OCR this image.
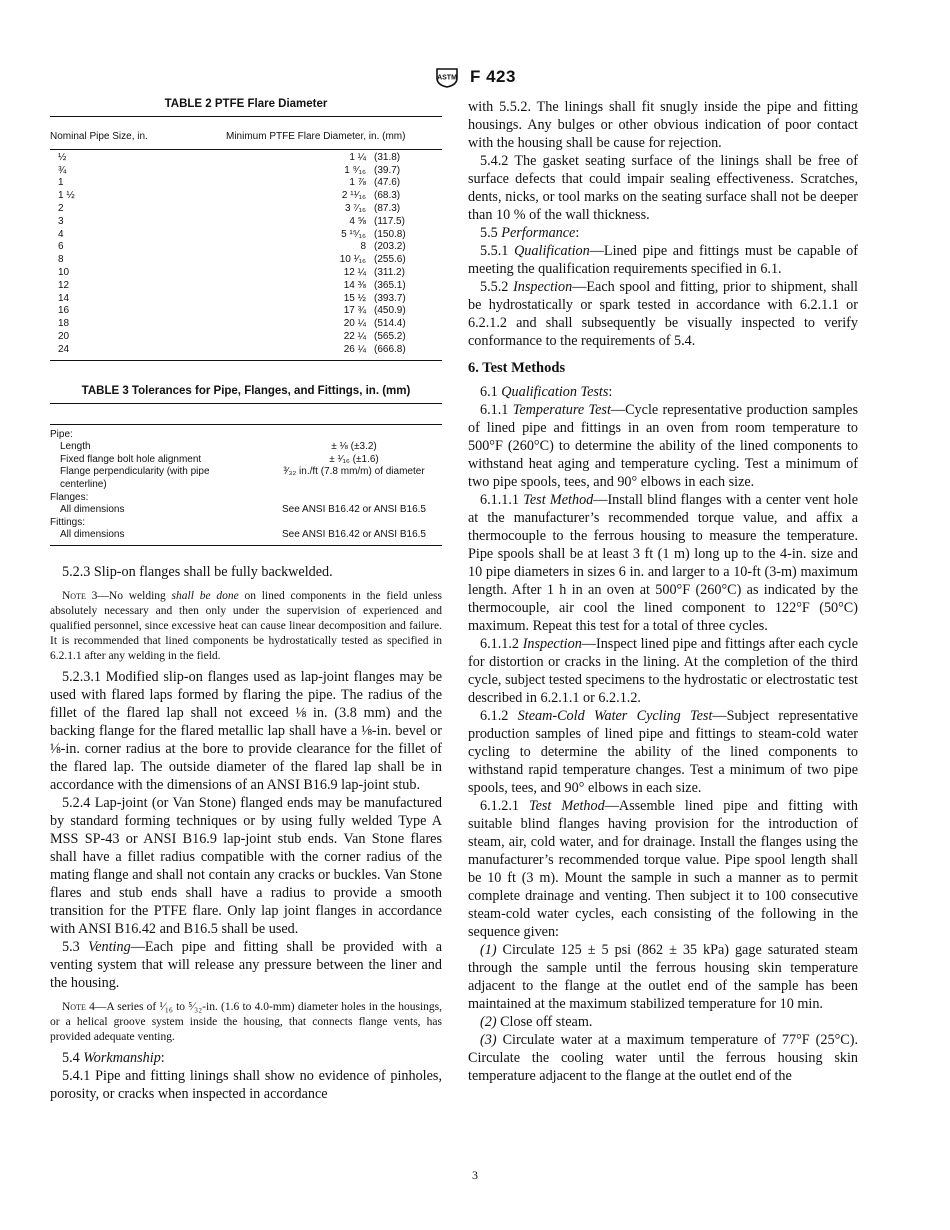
ASTM F 423
TABLE 2 PTFE Flare Diameter
Nominal Pipe Size, in.	Minimum PTFE Flare Diameter, in. (mm)
½	1 ¼	(31.8)
¾	1 ⁹⁄₁₆	(39.7)
1	1 ⅞	(47.6)
1 ½	2 ¹¹⁄₁₆	(68.3)
2	3 ⁷⁄₁₆	(87.3)
3	4 ⅝	(117.5)
4	5 ¹⁵⁄₁₆	(150.8)
6	8	(203.2)
8	10 ¹⁄₁₆	(255.6)
10	12 ¼	(311.2)
12	14 ⅜	(365.1)
14	15 ½	(393.7)
16	17 ¾	(450.9)
18	20 ¼	(514.4)
20	22 ¼	(565.2)
24	26 ¼	(666.8)
TABLE 3 Tolerances for Pipe, Flanges, and Fittings, in. (mm)
Pipe:	
Length	± ⅛ (±3.2)
Fixed flange bolt hole alignment	± ¹⁄₁₆ (±1.6)
Flange perpendicularity (with pipe centerline)	³⁄₃₂ in./ft (7.8 mm/m) of diameter
Flanges:	
All dimensions	See ANSI B16.42 or ANSI B16.5
Fittings:	
All dimensions	See ANSI B16.42 or ANSI B16.5

5.2.3 Slip-on flanges shall be fully backwelded.

Note 3—No welding shall be done on lined components in the field unless absolutely necessary and then only under the supervision of experienced and qualified personnel, since excessive heat can cause linear decomposition and failure. It is recommended that lined components be hydrostatically tested as specified in 6.2.1.1 after any welding in the field.

5.2.3.1 Modified slip-on flanges used as lap-joint flanges may be used with flared laps formed by flaring the pipe. The radius of the fillet of the flared lap shall not exceed ⅛ in. (3.8 mm) and the backing flange for the flared metallic lap shall have a ⅛-in. bevel or ⅛-in. corner radius at the bore to provide clearance for the fillet of the flared lap. The outside diameter of the flared lap shall be in accordance with the dimensions of an ANSI B16.9 lap-joint stub.

5.2.4 Lap-joint (or Van Stone) flanged ends may be manufactured by standard forming techniques or by using fully welded Type A MSS SP-43 or ANSI B16.9 lap-joint stub ends. Van Stone flares shall have a fillet radius compatible with the corner radius of the mating flange and shall not contain any cracks or buckles. Van Stone flares and stub ends shall have a radius to provide a smooth transition for the PTFE flare. Only lap joint flanges in accordance with ANSI B16.42 and B16.5 shall be used.

5.3 Venting—Each pipe and fitting shall be provided with a venting system that will release any pressure between the liner and the housing.

Note 4—A series of ¹⁄₁₆ to ⁵⁄₃₂-in. (1.6 to 4.0-mm) diameter holes in the housings, or a helical groove system inside the housing, that connects flange vents, has provided adequate venting.

5.4 Workmanship:

5.4.1 Pipe and fitting linings shall show no evidence of pinholes, porosity, or cracks when inspected in accordance

with 5.5.2. The linings shall fit snugly inside the pipe and fitting housings. Any bulges or other obvious indication of poor contact with the housing shall be cause for rejection.

5.4.2 The gasket seating surface of the linings shall be free of surface defects that could impair sealing effectiveness. Scratches, dents, nicks, or tool marks on the seating surface shall not be deeper than 10 % of the wall thickness.

5.5 Performance:

5.5.1 Qualification—Lined pipe and fittings must be capable of meeting the qualification requirements specified in 6.1.

5.5.2 Inspection—Each spool and fitting, prior to shipment, shall be hydrostatically or spark tested in accordance with 6.2.1.1 or 6.2.1.2 and shall subsequently be visually inspected to verify conformance to the requirements of 5.4.

6. Test Methods

6.1 Qualification Tests:

6.1.1 Temperature Test—Cycle representative production samples of lined pipe and fittings in an oven from room temperature to 500°F (260°C) to determine the ability of the lined components to withstand heat aging and temperature cycling. Test a minimum of two pipe spools, tees, and 90° elbows in each size.

6.1.1.1 Test Method—Install blind flanges with a center vent hole at the manufacturer’s recommended torque value, and affix a thermocouple to the ferrous housing to measure the temperature. Pipe spools shall be at least 3 ft (1 m) long up to the 4-in. size and 10 pipe diameters in sizes 6 in. and larger to a 10-ft (3-m) maximum length. After 1 h in an oven at 500°F (260°C) as indicated by the thermocouple, air cool the lined component to 122°F (50°C) maximum. Repeat this test for a total of three cycles.

6.1.1.2 Inspection—Inspect lined pipe and fittings after each cycle for distortion or cracks in the lining. At the completion of the third cycle, subject tested specimens to the hydrostatic or electrostatic test described in 6.2.1.1 or 6.2.1.2.

6.1.2 Steam-Cold Water Cycling Test—Subject representative production samples of lined pipe and fittings to steam-cold water cycling to determine the ability of the lined components to withstand rapid temperature changes. Test a minimum of two pipe spools, tees, and 90° elbows in each size.

6.1.2.1 Test Method—Assemble lined pipe and fitting with suitable blind flanges having provision for the introduction of steam, air, cold water, and for drainage. Install the flanges using the manufacturer’s recommended torque value. Pipe spool length shall be 10 ft (3 m). Mount the sample in such a manner as to permit complete drainage and venting. Then subject it to 100 consecutive steam-cold water cycles, each consisting of the following in the sequence given:

(1) Circulate 125 ± 5 psi (862 ± 35 kPa) gage saturated steam through the sample until the ferrous housing skin temperature adjacent to the flange at the outlet end of the sample has been maintained at the maximum stabilized temperature for 10 min.

(2) Close off steam.

(3) Circulate water at a maximum temperature of 77°F (25°C). Circulate the cooling water until the ferrous housing skin temperature adjacent to the flange at the outlet end of the

3
